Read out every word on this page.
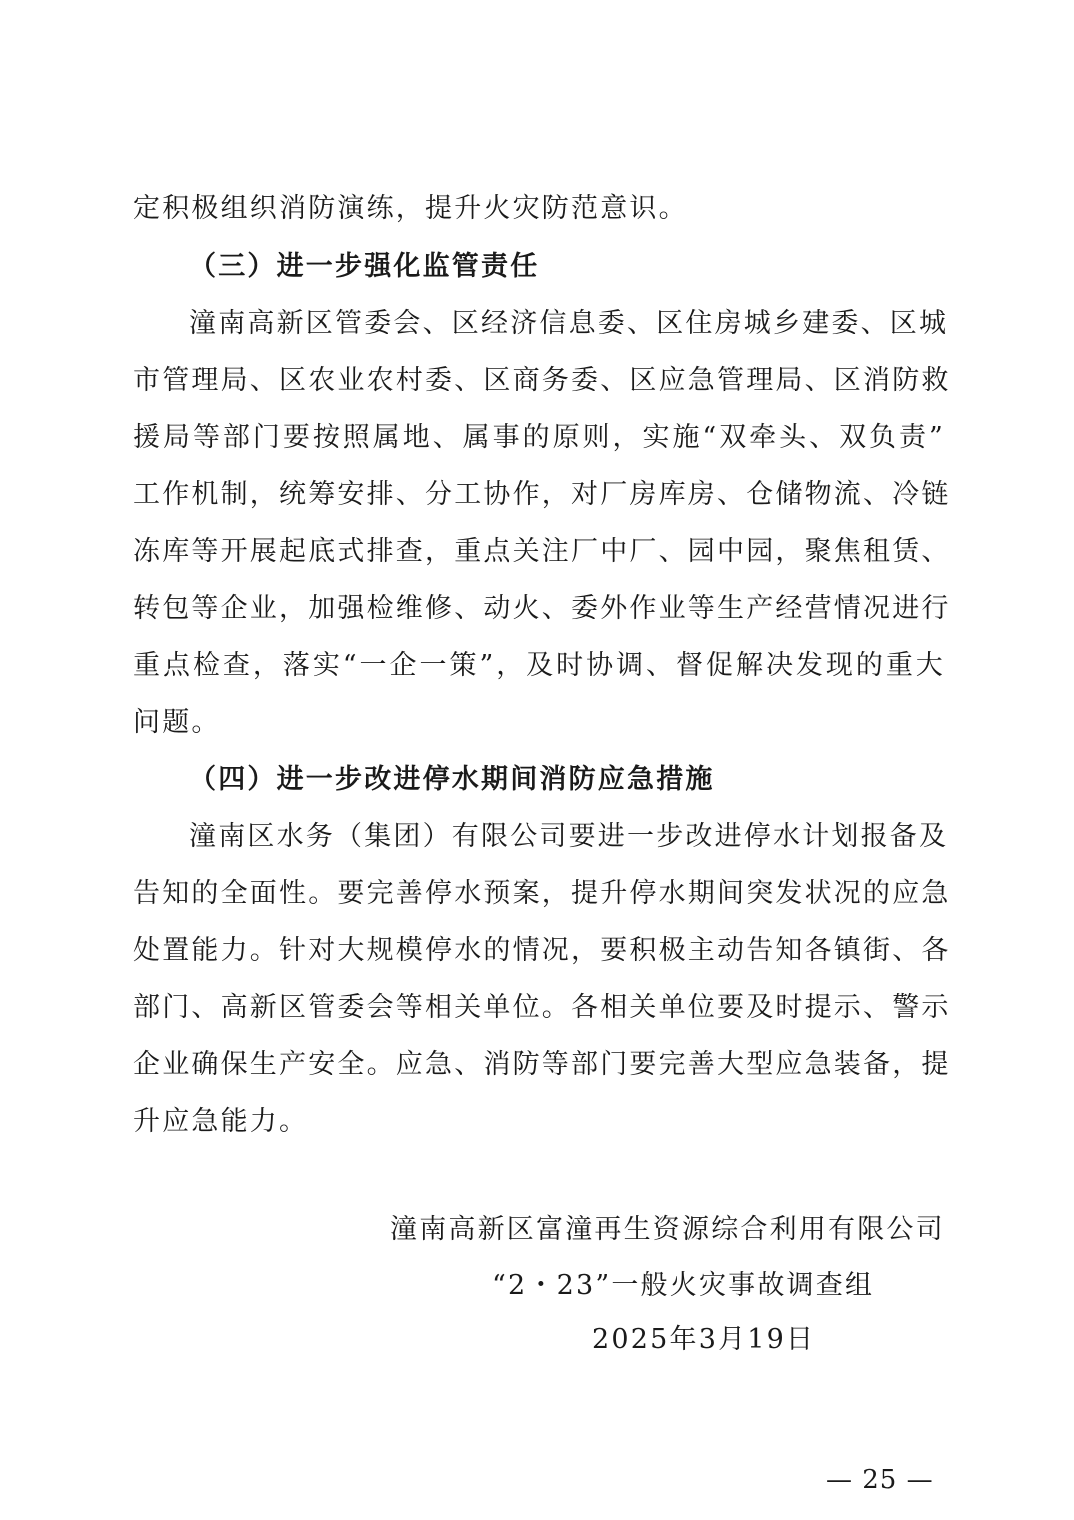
定积极组织消防演练，提升火灾防范意识。
（三）进一步强化监管责任
潼南高新区管委会、区经济信息委、区住房城乡建委、区城
市管理局、区农业农村委、区商务委、区应急管理局、区消防救
援局等部门要按照属地、属事的原则，实施“双牵头、双负责”
工作机制，统筹安排、分工协作，对厂房库房、仓储物流、冷链
冻库等开展起底式排查，重点关注厂中厂、园中园，聚焦租赁、
转包等企业，加强检维修、动火、委外作业等生产经营情况进行
重点检查，落实“一企一策”，及时协调、督促解决发现的重大
问题。
（四）进一步改进停水期间消防应急措施
潼南区水务（集团）有限公司要进一步改进停水计划报备及
告知的全面性。要完善停水预案，提升停水期间突发状况的应急
处置能力。针对大规模停水的情况，要积极主动告知各镇街、各
部门、高新区管委会等相关单位。各相关单位要及时提示、警示
企业确保生产安全。应急、消防等部门要完善大型应急装备，提
升应急能力。
潼南高新区富潼再生资源综合利用有限公司
“2・23”一般火灾事故调查组
2025年3月19日
— 25 —
